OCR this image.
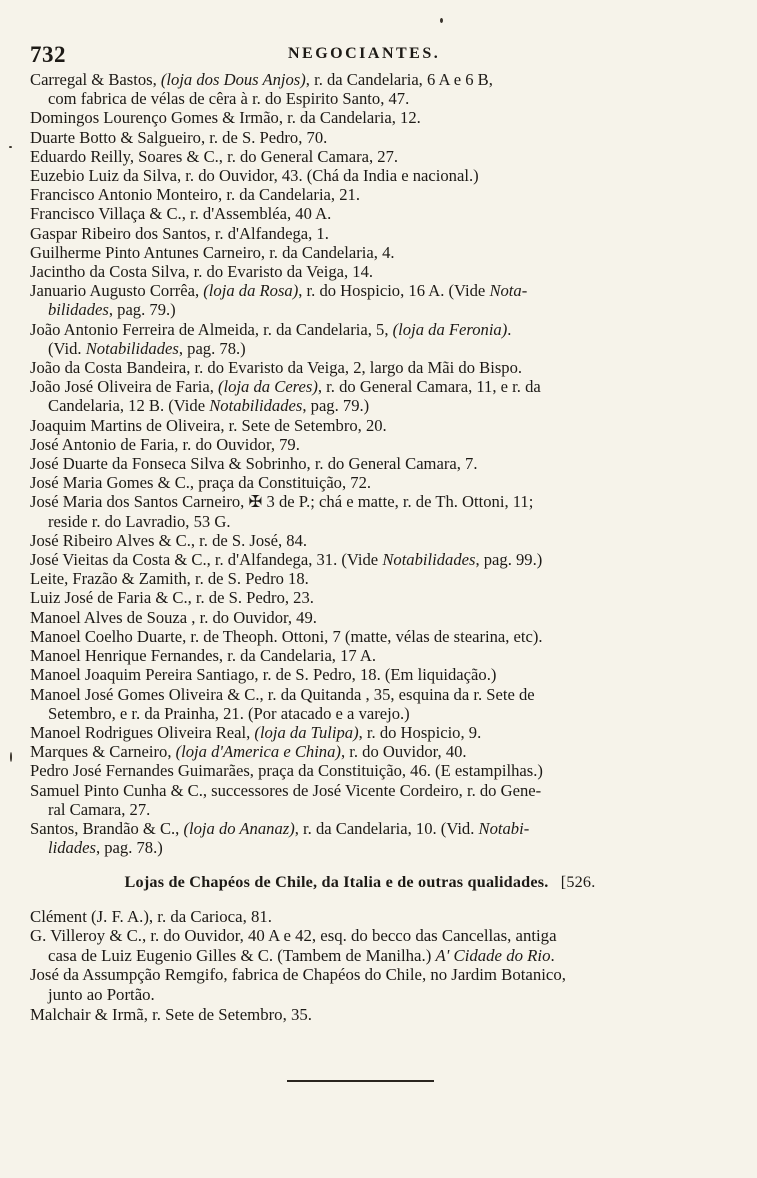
732	NEGOCIANTES.
Carregal & Bastos, (loja dos Dous Anjos), r. da Candelaria, 6 A e 6 B,
com fabrica de vélas de cêra à r. do Espirito Santo, 47.
Domingos Lourenço Gomes & Irmão, r. da Candelaria, 12.
Duarte Botto & Salgueiro, r. de S. Pedro, 70.
Eduardo Reilly, Soares & C., r. do General Camara, 27.
Euzebio Luiz da Silva, r. do Ouvidor, 43. (Chá da India e nacional.)
Francisco Antonio Monteiro, r. da Candelaria, 21.
Francisco Villaça & C., r. d'Assembléa, 40 A.
Gaspar Ribeiro dos Santos, r. d'Alfandega, 1.
Guilherme Pinto Antunes Carneiro, r. da Candelaria, 4.
Jacintho da Costa Silva, r. do Evaristo da Veiga, 14.
Januario Augusto Corrêa, (loja da Rosa), r. do Hospicio, 16 A. (Vide Nota-
bilidades, pag. 79.)
João Antonio Ferreira de Almeida, r. da Candelaria, 5, (loja da Feronia).
(Vid. Notabilidades, pag. 78.)
João da Costa Bandeira, r. do Evaristo da Veiga, 2, largo da Mãi do Bispo.
João José Oliveira de Faria, (loja da Ceres), r. do General Camara, 11, e r. da
Candelaria, 12 B. (Vide Notabilidades, pag. 79.)
Joaquim Martins de Oliveira, r. Sete de Setembro, 20.
José Antonio de Faria, r. do Ouvidor, 79.
José Duarte da Fonseca Silva & Sobrinho, r. do General Camara, 7.
José Maria Gomes & C., praça da Constituição, 72.
José Maria dos Santos Carneiro, ✠ 3 de P.; chá e matte, r. de Th. Ottoni, 11;
reside r. do Lavradio, 53 G.
José Ribeiro Alves & C., r. de S. José, 84.
José Vieitas da Costa & C., r. d'Alfandega, 31. (Vide Notabilidades, pag. 99.)
Leite, Frazão & Zamith, r. de S. Pedro 18.
Luiz José de Faria & C., r. de S. Pedro, 23.
Manoel Alves de Souza , r. do Ouvidor, 49.
Manoel Coelho Duarte, r. de Theoph. Ottoni, 7 (matte, vélas de stearina, etc).
Manoel Henrique Fernandes, r. da Candelaria, 17 A.
Manoel Joaquim Pereira Santiago, r. de S. Pedro, 18. (Em liquidação.)
Manoel José Gomes Oliveira & C., r. da Quitanda , 35, esquina da r. Sete de
Setembro, e r. da Prainha, 21. (Por atacado e a varejo.)
Manoel Rodrigues Oliveira Real, (loja da Tulipa), r. do Hospicio, 9.
Marques & Carneiro, (loja d'America e China), r. do Ouvidor, 40.
Pedro José Fernandes Guimarães, praça da Constituição, 46. (E estampilhas.)
Samuel Pinto Cunha & C., successores de José Vicente Cordeiro, r. do Gene-
ral Camara, 27.
Santos, Brandão & C., (loja do Ananaz), r. da Candelaria, 10. (Vid. Notabi-
lidades, pag. 78.)
Lojas de Chapéos de Chile, da Italia e de outras qualidades. [526.
Clément (J. F. A.), r. da Carioca, 81.
G. Villeroy & C., r. do Ouvidor, 40 A e 42, esq. do becco das Cancellas, antiga
casa de Luiz Eugenio Gilles & C. (Tambem de Manilha.) A' Cidade do Rio.
José da Assumpção Remgifo, fabrica de Chapéos do Chile, no Jardim Botanico,
junto ao Portão.
Malchair & Irmã, r. Sete de Setembro, 35.
